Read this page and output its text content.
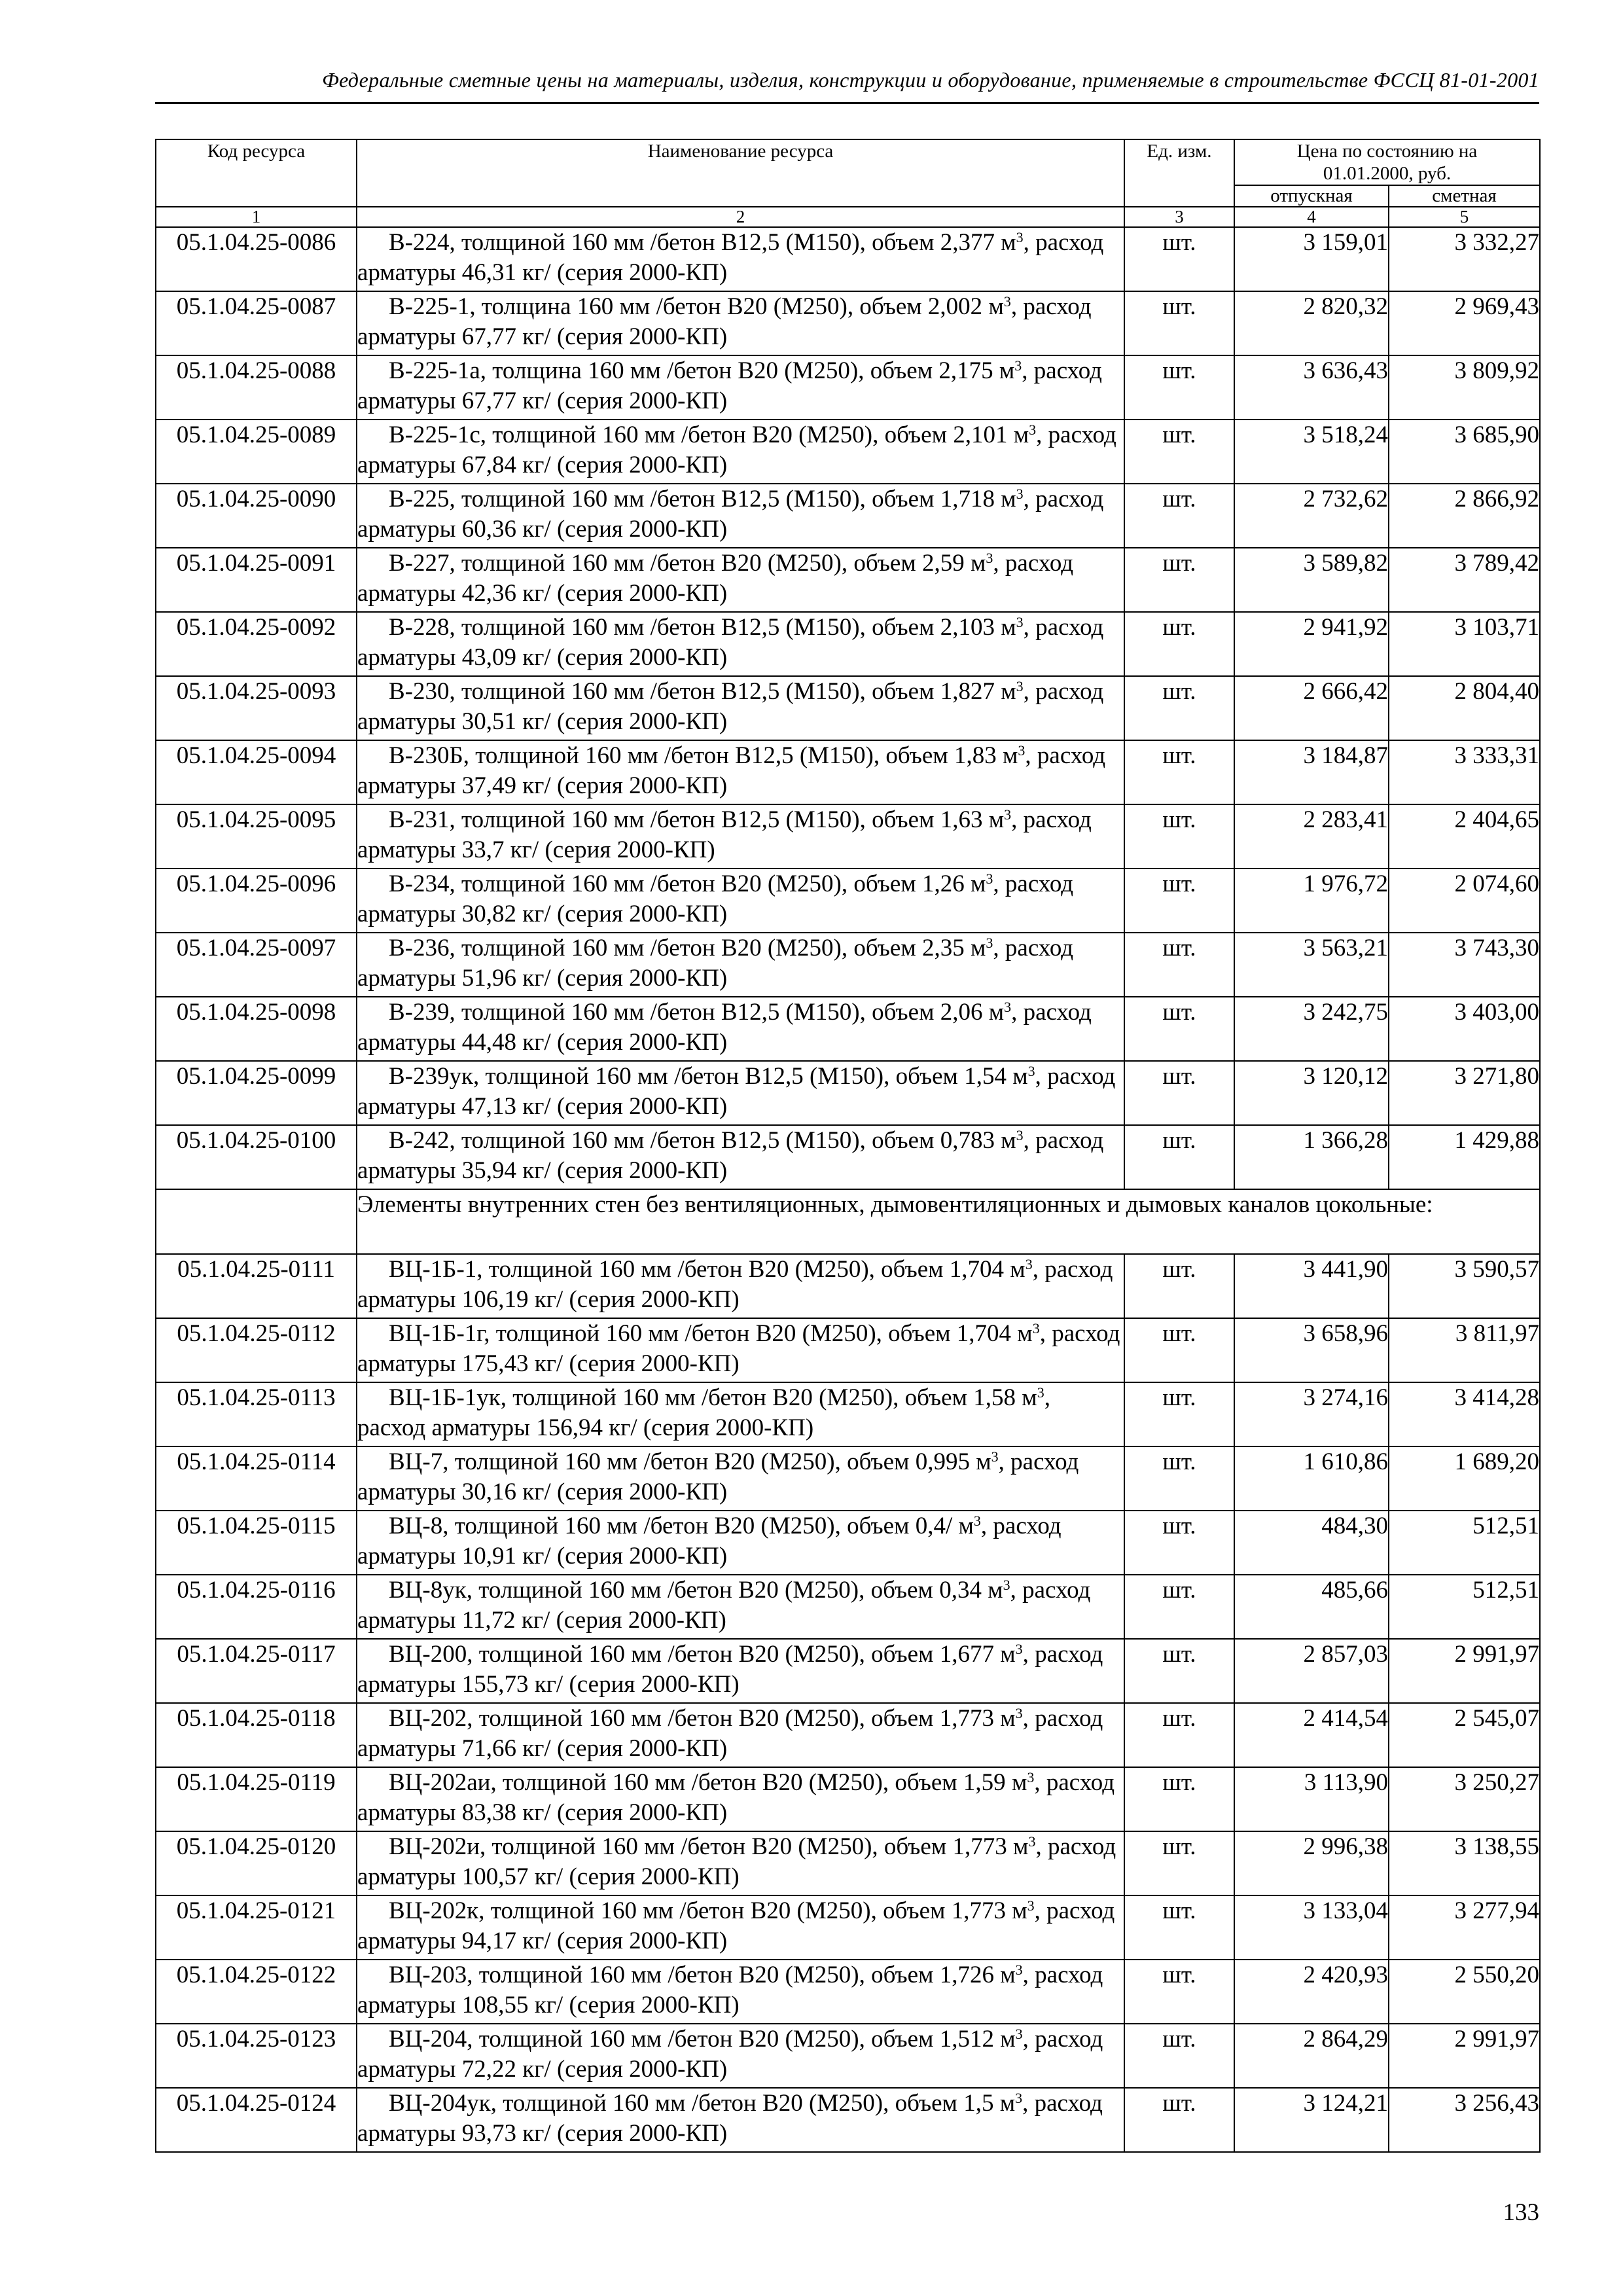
Федеральные сметные цены на материалы, изделия, конструкции и оборудование, применяемые в строительстве ФССЦ 81-01-2001
Код ресурса	Наименование ресурса	Ед. изм.	Цена по состоянию на 01.01.2000, руб.	
			отпускная	сметная
1	2	3	4	5
05.1.04.25-0086	В-224, толщиной 160 мм /бетон В12,5 (М150), объем 2,377 $м^3$, расход арматуры 46,31 кг/ (серия 2000-КП)	шт.	3 159,01	3 332,27
05.1.04.25-0087	В-225-1, толщина 160 мм /бетон В20 (М250), объем 2,002 $м^3$, расход арматуры 67,77 кг/ (серия 2000-КП)	шт.	2 820,32	2 969,43
05.1.04.25-0088	В-225-1а, толщина 160 мм /бетон В20 (М250), объем 2,175 $м^3$, расход арматуры 67,77 кг/ (серия 2000-КП)	шт.	3 636,43	3 809,92
05.1.04.25-0089	В-225-1с, толщиной 160 мм /бетон В20 (М250), объем 2,101 $м^3$, расход арматуры 67,84 кг/ (серия 2000-КП)	шт.	3 518,24	3 685,90
05.1.04.25-0090	В-225, толщиной 160 мм /бетон В12,5 (М150), объем 1,718 $м^3$, расход арматуры 60,36 кг/ (серия 2000-КП)	шт.	2 732,62	2 866,92
05.1.04.25-0091	В-227, толщиной 160 мм /бетон В20 (М250), объем 2,59 $м^3$, расход арматуры 42,36 кг/ (серия 2000-КП)	шт.	3 589,82	3 789,42
05.1.04.25-0092	В-228, толщиной 160 мм /бетон В12,5 (М150), объем 2,103 $м^3$, расход арматуры 43,09 кг/ (серия 2000-КП)	шт.	2 941,92	3 103,71
05.1.04.25-0093	В-230, толщиной 160 мм /бетон В12,5 (М150), объем 1,827 $м^3$, расход арматуры 30,51 кг/ (серия 2000-КП)	шт.	2 666,42	2 804,40
05.1.04.25-0094	В-230Б, толщиной 160 мм /бетон В12,5 (М150), объем 1,83 $м^3$, расход арматуры 37,49 кг/ (серия 2000-КП)	шт.	3 184,87	3 333,31
05.1.04.25-0095	В-231, толщиной 160 мм /бетон В12,5 (М150), объем 1,63 $м^3$, расход арматуры 33,7 кг/ (серия 2000-КП)	шт.	2 283,41	2 404,65
05.1.04.25-0096	В-234, толщиной 160 мм /бетон В20 (М250), объем 1,26 $м^3$, расход арматуры 30,82 кг/ (серия 2000-КП)	шт.	1 976,72	2 074,60
05.1.04.25-0097	В-236, толщиной 160 мм /бетон В20 (М250), объем 2,35 $м^3$, расход арматуры 51,96 кг/ (серия 2000-КП)	шт.	3 563,21	3 743,30
05.1.04.25-0098	В-239, толщиной 160 мм /бетон В12,5 (М150), объем 2,06 $м^3$, расход арматуры 44,48 кг/ (серия 2000-КП)	шт.	3 242,75	3 403,00
05.1.04.25-0099	В-239ук, толщиной 160 мм /бетон В12,5 (М150), объем 1,54 $м^3$, расход арматуры 47,13 кг/ (серия 2000-КП)	шт.	3 120,12	3 271,80
05.1.04.25-0100	В-242, толщиной 160 мм /бетон В12,5 (М150), объем 0,783 $м^3$, расход арматуры 35,94 кг/ (серия 2000-КП)	шт.	1 366,28	1 429,88
	Элементы внутренних стен без вентиляционных, дымовентиляционных и дымовых каналов цокольные:			
05.1.04.25-0111	ВЦ-1Б-1, толщиной 160 мм /бетон В20 (М250), объем 1,704 $м^3$, расход арматуры 106,19 кг/ (серия 2000-КП)	шт.	3 441,90	3 590,57
05.1.04.25-0112	ВЦ-1Б-1г, толщиной 160 мм /бетон В20 (М250), объем 1,704 $м^3$, расход арматуры 175,43 кг/ (серия 2000-КП)	шт.	3 658,96	3 811,97
05.1.04.25-0113	ВЦ-1Б-1ук, толщиной 160 мм /бетон В20 (М250), объем 1,58 $м^3$, расход арматуры 156,94 кг/ (серия 2000-КП)	шт.	3 274,16	3 414,28
05.1.04.25-0114	ВЦ-7, толщиной 160 мм /бетон В20 (М250), объем 0,995 $м^3$, расход арматуры 30,16 кг/ (серия 2000-КП)	шт.	1 610,86	1 689,20
05.1.04.25-0115	ВЦ-8, толщиной 160 мм /бетон В20 (М250), объем 0,4/ $м^3$, расход арматуры 10,91 кг/ (серия 2000-КП)	шт.	484,30	512,51
05.1.04.25-0116	ВЦ-8ук, толщиной 160 мм /бетон В20 (М250), объем 0,34 $м^3$, расход арматуры 11,72 кг/ (серия 2000-КП)	шт.	485,66	512,51
05.1.04.25-0117	ВЦ-200, толщиной 160 мм /бетон В20 (М250), объем 1,677 $м^3$, расход арматуры 155,73 кг/ (серия 2000-КП)	шт.	2 857,03	2 991,97
05.1.04.25-0118	ВЦ-202, толщиной 160 мм /бетон В20 (М250), объем 1,773 $м^3$, расход арматуры 71,66 кг/ (серия 2000-КП)	шт.	2 414,54	2 545,07
05.1.04.25-0119	ВЦ-202аи, толщиной 160 мм /бетон В20 (М250), объем 1,59 $м^3$, расход арматуры 83,38 кг/ (серия 2000-КП)	шт.	3 113,90	3 250,27
05.1.04.25-0120	ВЦ-202и, толщиной 160 мм /бетон В20 (М250), объем 1,773 $м^3$, расход арматуры 100,57 кг/ (серия 2000-КП)	шт.	2 996,38	3 138,55
05.1.04.25-0121	ВЦ-202к, толщиной 160 мм /бетон В20 (М250), объем 1,773 $м^3$, расход арматуры 94,17 кг/ (серия 2000-КП)	шт.	3 133,04	3 277,94
05.1.04.25-0122	ВЦ-203, толщиной 160 мм /бетон В20 (М250), объем 1,726 $м^3$, расход арматуры 108,55 кг/ (серия 2000-КП)	шт.	2 420,93	2 550,20
05.1.04.25-0123	ВЦ-204, толщиной 160 мм /бетон В20 (М250), объем 1,512 $м^3$, расход арматуры 72,22 кг/ (серия 2000-КП)	шт.	2 864,29	2 991,97
05.1.04.25-0124	ВЦ-204ук, толщиной 160 мм /бетон В20 (М250), объем 1,5 $м^3$, расход арматуры 93,73 кг/ (серия 2000-КП)	шт.	3 124,21	3 256,43
133
